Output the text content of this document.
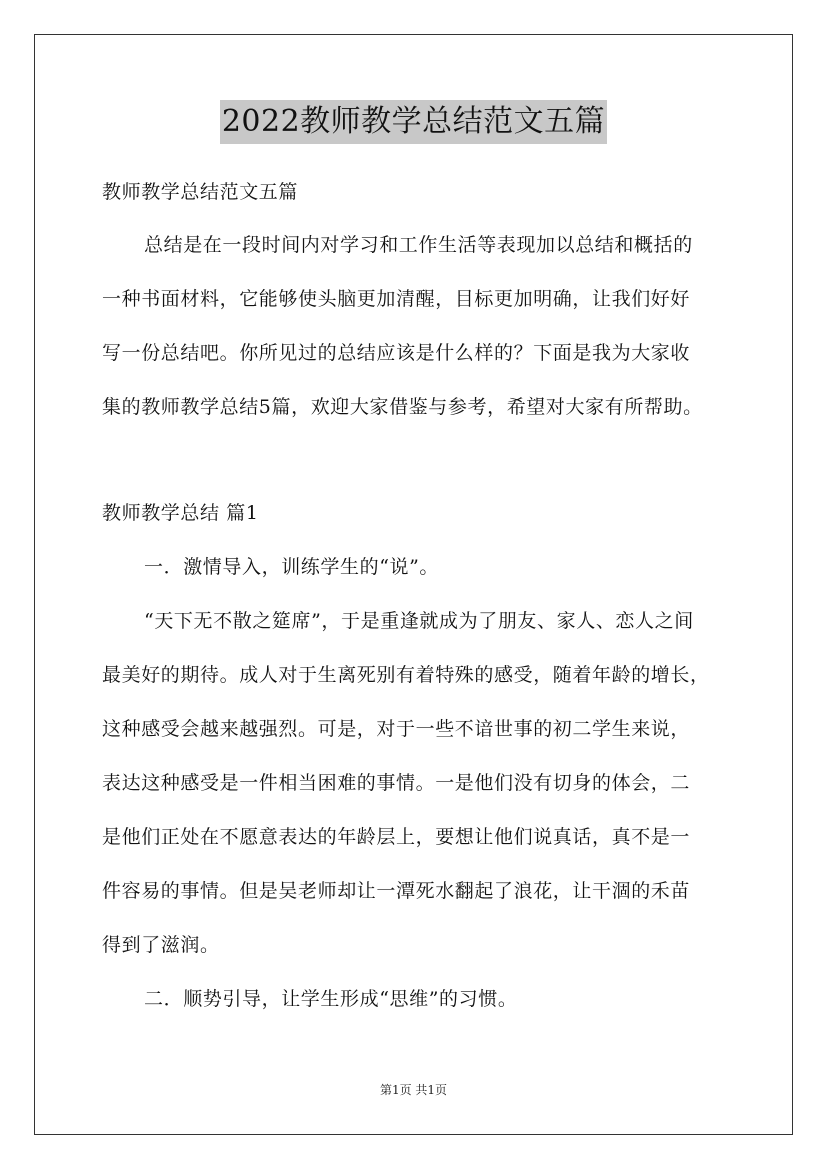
2022教师教学总结范文五篇
教师教学总结范文五篇
总结是在一段时间内对学习和工作生活等表现加以总结和概括的
一种书面材料，它能够使头脑更加清醒，目标更加明确，让我们好好
写一份总结吧。你所见过的总结应该是什么样的？下面是我为大家收
集的教师教学总结5篇，欢迎大家借鉴与参考，希望对大家有所帮助。
教师教学总结 篇1
一．激情导入，训练学生的“说”。
“天下无不散之筵席”，于是重逢就成为了朋友、家人、恋人之间
最美好的期待。成人对于生离死别有着特殊的感受，随着年龄的增长，
这种感受会越来越强烈。可是，对于一些不谙世事的初二学生来说，
表达这种感受是一件相当困难的事情。一是他们没有切身的体会，二
是他们正处在不愿意表达的年龄层上，要想让他们说真话，真不是一
件容易的事情。但是吴老师却让一潭死水翻起了浪花，让干涸的禾苗
得到了滋润。
二．顺势引导，让学生形成“思维”的习惯。
第1页 共1页
